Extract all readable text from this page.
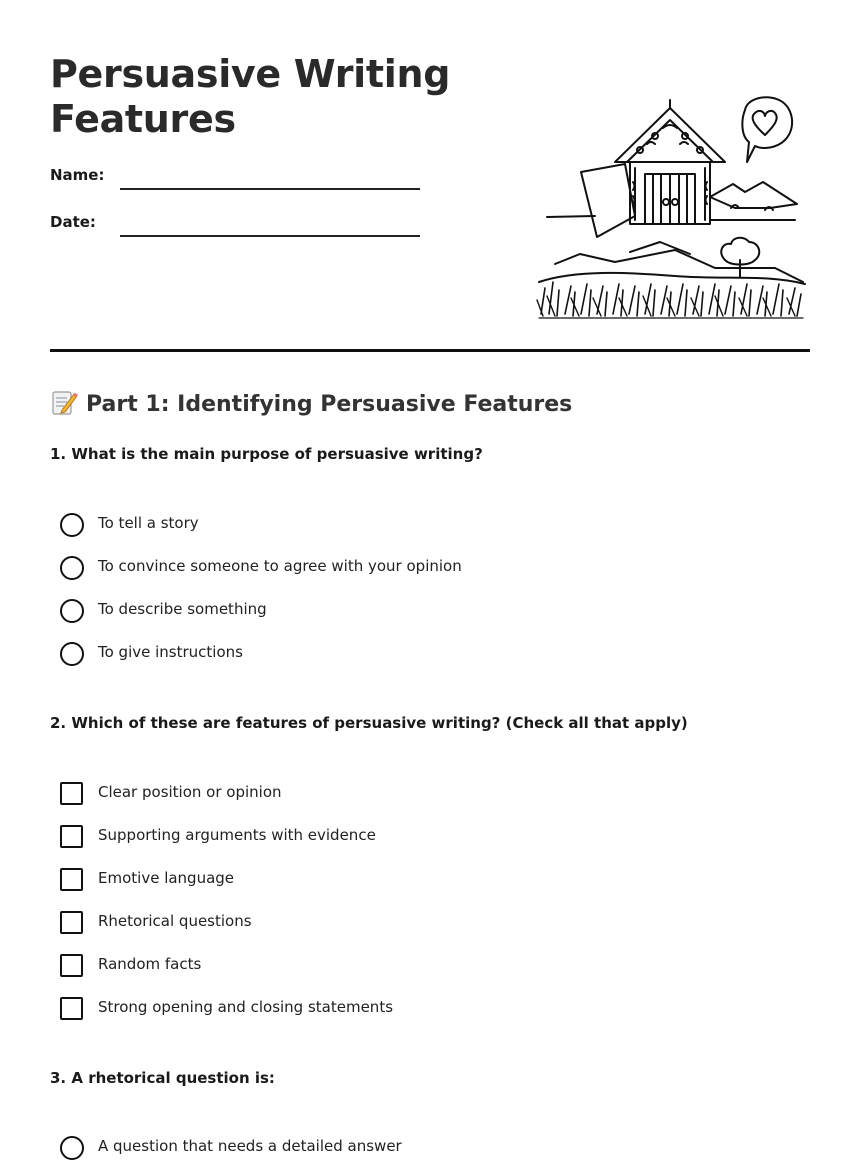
Persuasive Writing Features
Name:
Date:
Part 1: Identifying Persuasive Features
1. What is the main purpose of persuasive writing?
To tell a story
To convince someone to agree with your opinion
To describe something
To give instructions
2. Which of these are features of persuasive writing? (Check all that apply)
Clear position or opinion
Supporting arguments with evidence
Emotive language
Rhetorical questions
Random facts
Strong opening and closing statements
3. A rhetorical question is:
A question that needs a detailed answer
